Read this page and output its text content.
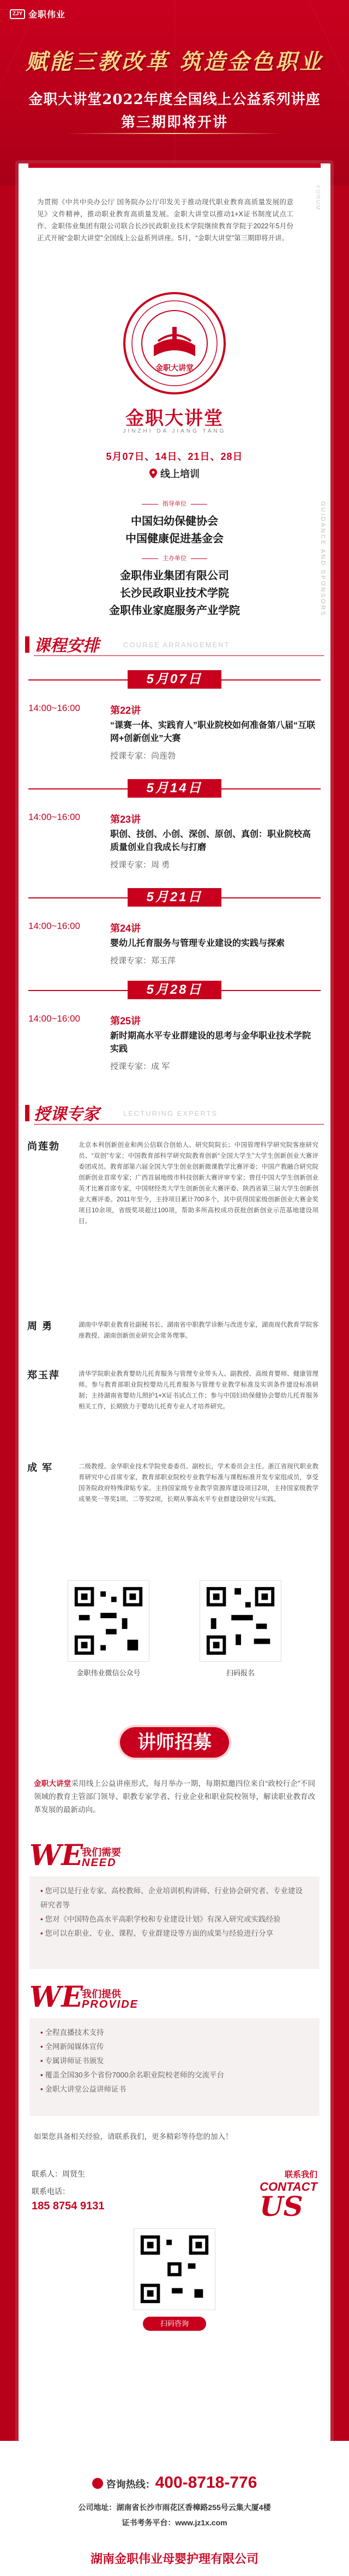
ZJY 金职伟业
赋能三教改革 筑造金色职业
金职大讲堂2022年度全国线上公益系列讲座
第三期即将开讲

为贯彻《中共中央办公厅 国务院办公厅印发关于推动现代职业教育高质量发展的意见》文件精神，推动职业教育高质量发展。金职大讲堂以推动1+X证书制度试点工作、金职伟业集团有限公司联合长沙民政职业技术学院继续教育学院于2022年5月份正式开展“金职大讲堂”全国线上公益系列讲座。5月，“金职大讲堂”第三期即将开讲。

FORUM
金职大讲堂
金职大讲堂
JINZHI DA JIANG TANG
5月07日、14日、21日、28日
线上培训
指导单位
中国妇幼保健协会
中国健康促进基金会
主办单位
金职伟业集团有限公司
长沙民政职业技术学院
金职伟业家庭服务产业学院	GUIDANCE AND SPONSORS
课程安排	COURSE ARRANGEMENT
5月07日
14:00~16:00	第22讲
“课赛一体、实践育人”职业院校如何准备第八届“互联网+创新创业”大赛
授课专家：尚莲勃
5月14日
14:00~16:00	第23讲
职创、技创、小创、深创、原创、真创：职业院校高质量创业自我成长与打磨
授课专家：周 勇
5月21日
14:00~16:00	第24讲
婴幼儿托育服务与管理专业建设的实践与探索
授课专家：郑玉萍
5月28日
14:00~16:00	第25讲
新时期高水平专业群建设的思考与金华职业技术学院实践
授课专家：成 军
授课专家	LECTURING EXPERTS
尚莲勃	北京本利创新创业和两公信联合创始人、研究院院长；中国管理科学研究院客座研究员、“双创”专家；中国教育部科学研究院教育创新“全国大学生”大学生创新创业大赛评委团成员。教育部第六届全国大学生创业创新微课教学比赛评委；中国产教融合研究院创新创业首席专家；广西首届地级市科技创新大赛评审专家；曾任中国大学生创新创业英才比赛首席专家，中国财经类大学生创新创业大赛评委、陕西省第三届大学生创新创业大赛评委。2011年至今，主持项目累计700多个，其中获得国家级创新创业大赛金奖项目10余项，省级奖项超过100项，帮助多所高校成功获批创新创业示范基地建设项目。

周 勇	湖南中华职业教育社副秘书长、湖南省中职教学诊断与改进专家，湖南现代教育学院客座教授、湖南创新创业研究会常务理事。

郑玉萍	清华学院职业教育婴幼儿托育服务与管理专业带头人、副教授、高级育婴师、健康管理师。参与教育部职业院校婴幼儿托育服务与管理专业教学标准及实训条件建设标准研制；主持湖南省婴幼儿照护1+X证书试点工作；参与中国妇幼保健协会婴幼儿托育服务相关工作，长期致力于婴幼儿托育专业人才培养研究。

成 军	二级教授、金华职业技术学院党委委员、副校长，学术委员会主任。浙江省现代职业教育研究中心首席专家，教育部职业院校专业教学标准与课程标准开发专家组成员，享受国务院政府特殊津贴专家。主持国家级专业教学资源库建设项目2项，主持国家级教学成果奖一等奖1项、二等奖2项，长期从事高水平专业群建设研究与实践。

金职伟业微信公众号	扫码报名
讲师招募

金职大讲堂采用线上公益讲座形式，每月举办一期，每期拟邀四位来自“政校行企”不同领域的教育主管部门领导、职教专家学者、行业企业和职业院校领导，解读职业教育改革发展的最新动向。

WE
我们需要
NEED
• 您可以是行业专家、高校教师、企业培训机构讲师、行业协会研究者、专业建设研究者等
• 您对《中国特色高水平高职学校和专业建设计划》有深入研究或实践经验
• 您可以在职业、专业、课程、专业群建设等方面的成果与经验进行分享
WE
我们提供
PROVIDE
• 全程直播技术支持
• 全网新闻媒体宣传
• 专属讲师证书颁发
• 覆盖全国30多个省份7000余名职业院校老师的交流平台
• 金职大讲堂公益讲师证书

如果您具备相关经验，请联系我们，更多精彩等待您的加入！

联系人：周贤生
联系电话：
185 8754 9131
联系我们
CONTACT
US
扫码咨询
咨询热线：400-8718-776
公司地址：湖南省长沙市雨花区香樟路255号云集大厦4楼
证书考务平台：www.jz1x.com
湖南金职伟业母婴护理有限公司
